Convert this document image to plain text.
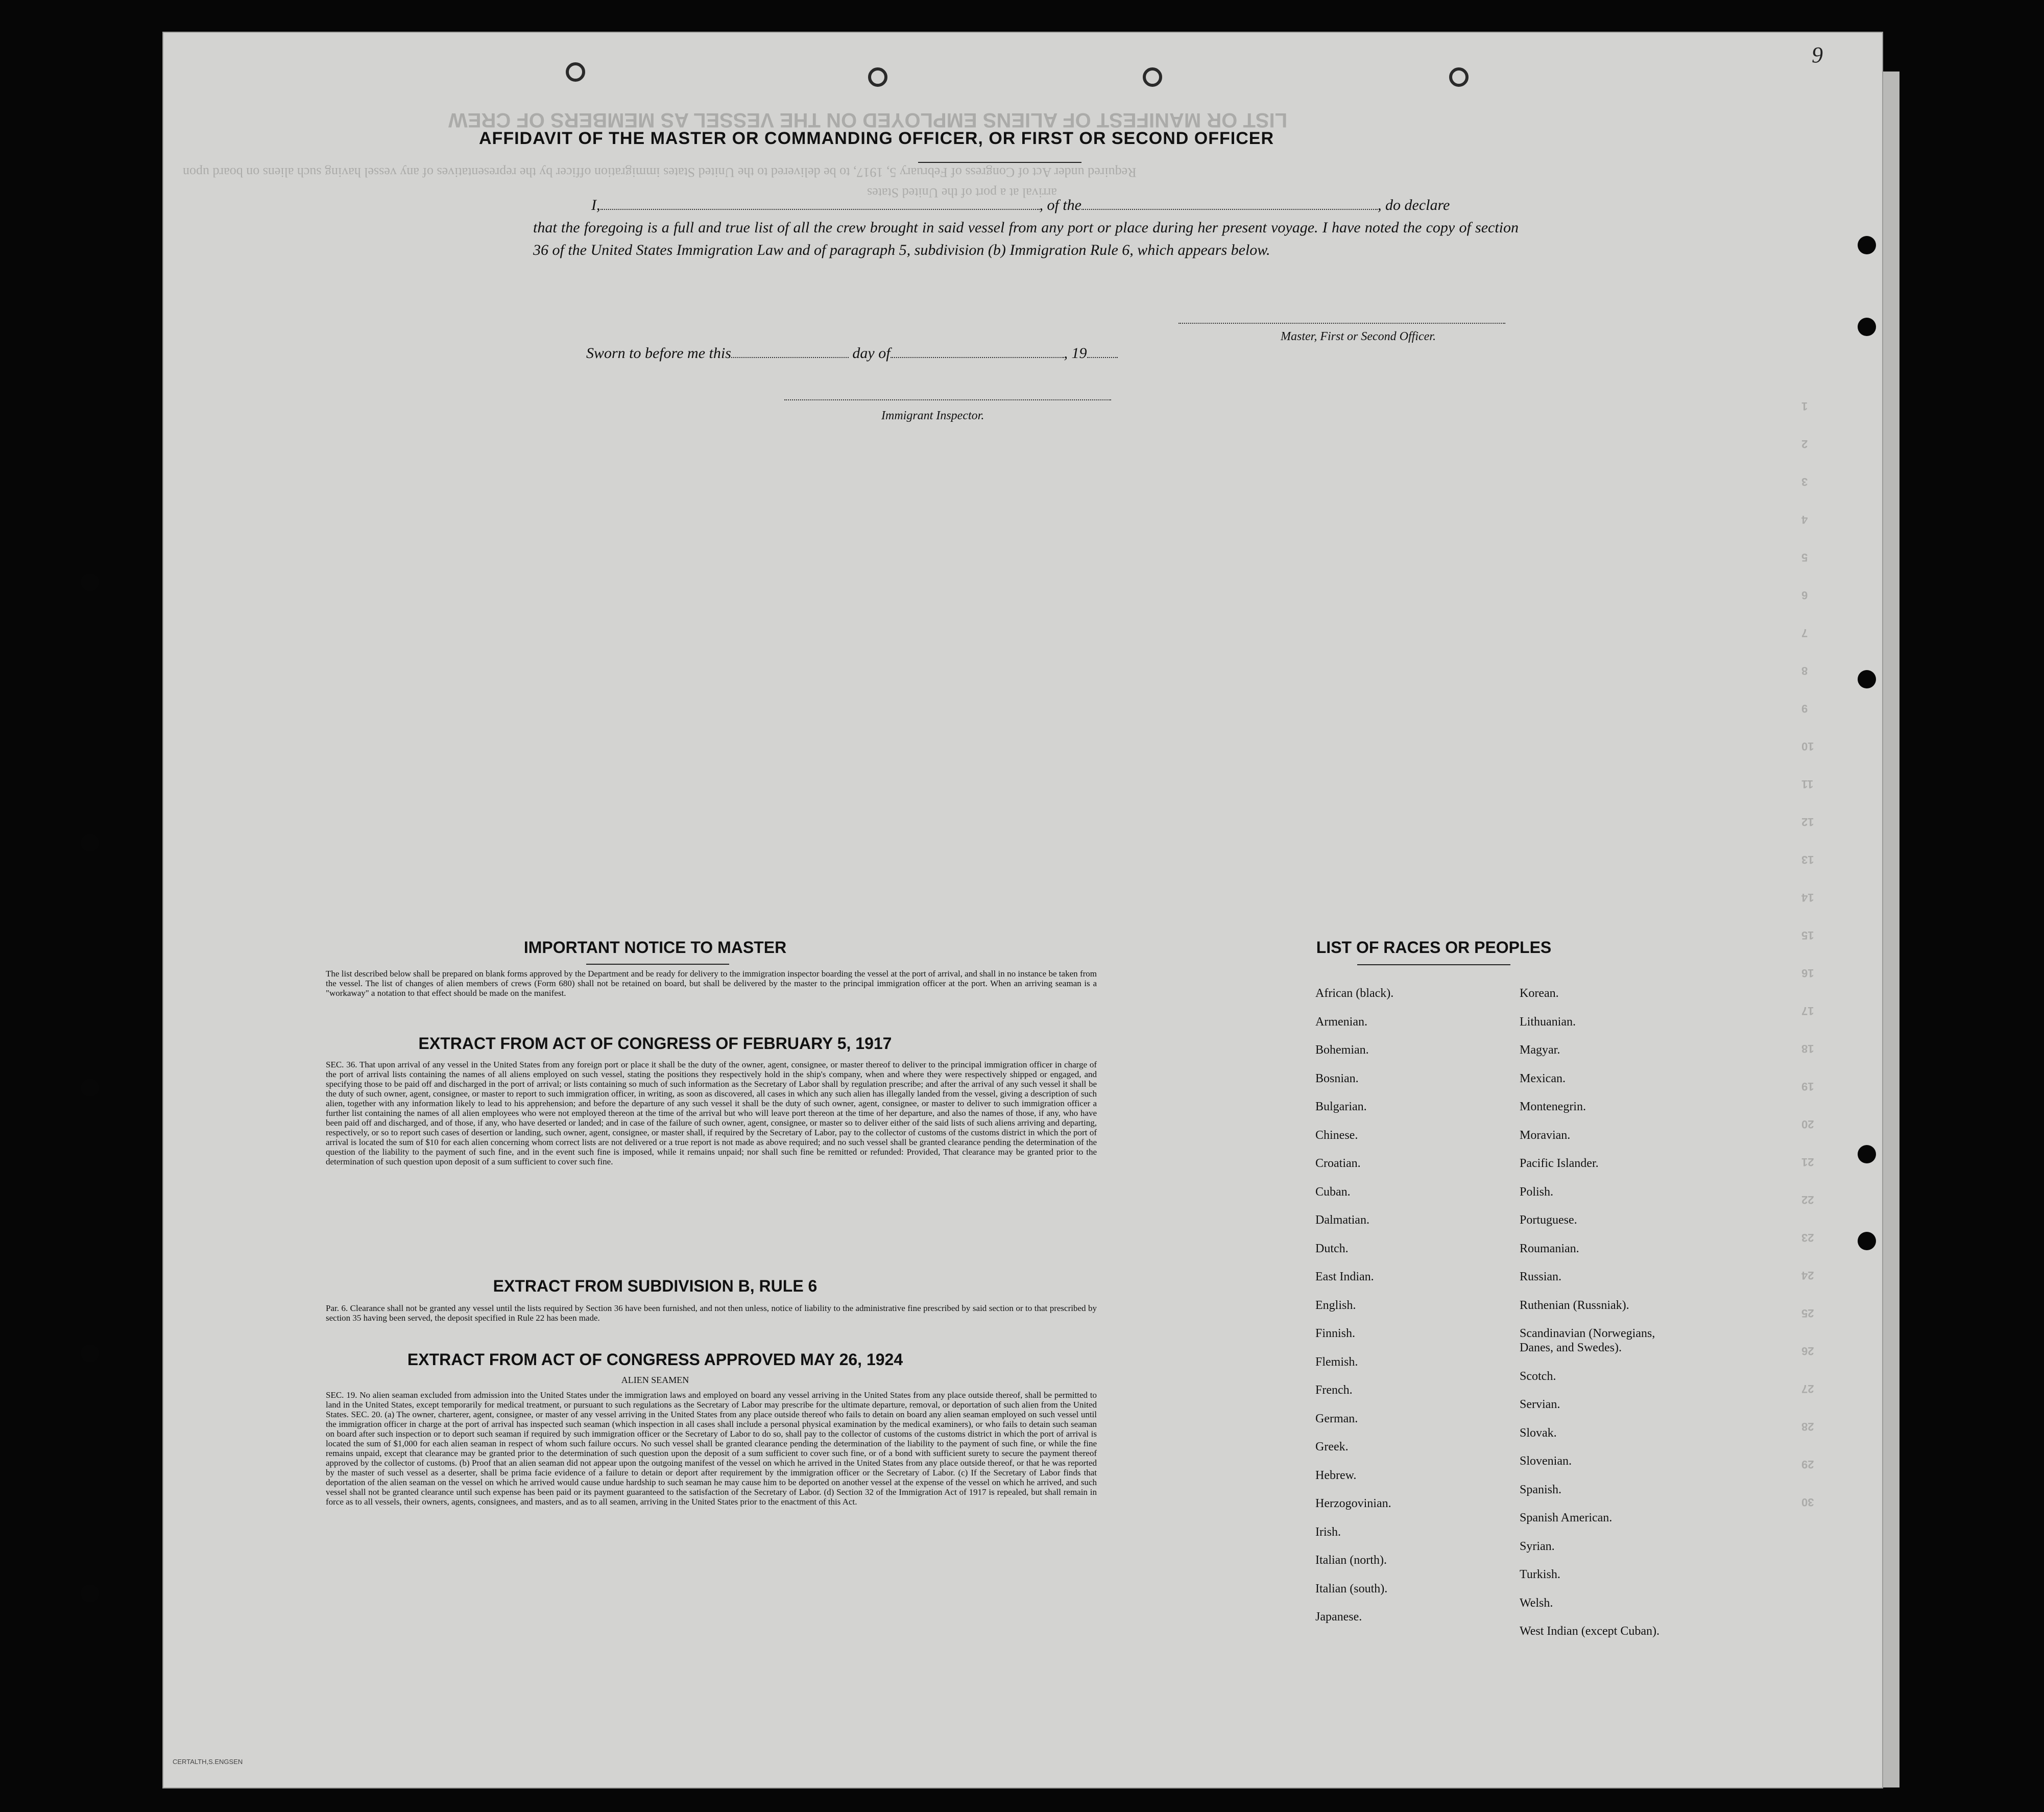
LIST OR MANIFEST OF ALIENS EMPLOYED ON THE VESSEL AS MEMBERS OF CREW
Required under Act of Congress of February 5, 1917, to be delivered to the United States immigration officer by the representatives of any vessel having such aliens on board upon
arrival at a port of the United States
1
2
3
4
5
6
7
8
9
10
11
12
13
14
15
16
17
18
19
20
21
22
23
24
25
26
27
28
29
30
9
CERTALTH,S.ENGSEN
AFFIDAVIT OF THE MASTER OR COMMANDING OFFICER, OR FIRST OR SECOND OFFICER
I,	, of the	, do declare
that the foregoing is a full and true list of all the crew brought in said vessel from any port or place during her present voyage. I have noted the copy of section 36 of the United States Immigration Law and of paragraph 5, subdivision (b) Immigration Rule 6, which appears below.
Master, First or Second Officer.
Sworn to before me this	day of	, 19
Immigrant Inspector.
IMPORTANT NOTICE TO MASTER
The list described below shall be prepared on blank forms approved by the Department and be ready for delivery to the immigration inspector boarding the vessel at the port of arrival, and shall in no instance be taken from the vessel. The list of changes of alien members of crews (Form 680) shall not be retained on board, but shall be delivered by the master to the principal immigration officer at the port. When an arriving seaman is a "workaway" a notation to that effect should be made on the manifest.
EXTRACT FROM ACT OF CONGRESS OF FEBRUARY 5, 1917
SEC. 36. That upon arrival of any vessel in the United States from any foreign port or place it shall be the duty of the owner, agent, consignee, or master thereof to deliver to the principal immigration officer in charge of the port of arrival lists containing the names of all aliens employed on such vessel, stating the positions they respectively hold in the ship's company, when and where they were respectively shipped or engaged, and specifying those to be paid off and discharged in the port of arrival; or lists containing so much of such information as the Secretary of Labor shall by regulation prescribe; and after the arrival of any such vessel it shall be the duty of such owner, agent, consignee, or master to report to such immigration officer, in writing, as soon as discovered, all cases in which any such alien has illegally landed from the vessel, giving a description of such alien, together with any information likely to lead to his apprehension; and before the departure of any such vessel it shall be the duty of such owner, agent, consignee, or master to deliver to such immigration officer a further list containing the names of all alien employees who were not employed thereon at the time of the arrival but who will leave port thereon at the time of her departure, and also the names of those, if any, who have been paid off and discharged, and of those, if any, who have deserted or landed; and in case of the failure of such owner, agent, consignee, or master so to deliver either of the said lists of such aliens arriving and departing, respectively, or so to report such cases of desertion or landing, such owner, agent, consignee, or master shall, if required by the Secretary of Labor, pay to the collector of customs of the customs district in which the port of arrival is located the sum of $10 for each alien concerning whom correct lists are not delivered or a true report is not made as above required; and no such vessel shall be granted clearance pending the determination of the question of the liability to the payment of such fine, and in the event such fine is imposed, while it remains unpaid; nor shall such fine be remitted or refunded: Provided, That clearance may be granted prior to the determination of such question upon deposit of a sum sufficient to cover such fine.
EXTRACT FROM SUBDIVISION B, RULE 6
Par. 6. Clearance shall not be granted any vessel until the lists required by Section 36 have been furnished, and not then unless, notice of liability to the administrative fine prescribed by said section or to that prescribed by section 35 having been served, the deposit specified in Rule 22 has been made.
EXTRACT FROM ACT OF CONGRESS APPROVED MAY 26, 1924
ALIEN SEAMEN
SEC. 19. No alien seaman excluded from admission into the United States under the immigration laws and employed on board any vessel arriving in the United States from any place outside thereof, shall be permitted to land in the United States, except temporarily for medical treatment, or pursuant to such regulations as the Secretary of Labor may prescribe for the ultimate departure, removal, or deportation of such alien from the United States. SEC. 20. (a) The owner, charterer, agent, consignee, or master of any vessel arriving in the United States from any place outside thereof who fails to detain on board any alien seaman employed on such vessel until the immigration officer in charge at the port of arrival has inspected such seaman (which inspection in all cases shall include a personal physical examination by the medical examiners), or who fails to detain such seaman on board after such inspection or to deport such seaman if required by such immigration officer or the Secretary of Labor to do so, shall pay to the collector of customs of the customs district in which the port of arrival is located the sum of $1,000 for each alien seaman in respect of whom such failure occurs. No such vessel shall be granted clearance pending the determination of the liability to the payment of such fine, or while the fine remains unpaid, except that clearance may be granted prior to the determination of such question upon the deposit of a sum sufficient to cover such fine, or of a bond with sufficient surety to secure the payment thereof approved by the collector of customs. (b) Proof that an alien seaman did not appear upon the outgoing manifest of the vessel on which he arrived in the United States from any place outside thereof, or that he was reported by the master of such vessel as a deserter, shall be prima facie evidence of a failure to detain or deport after requirement by the immigration officer or the Secretary of Labor. (c) If the Secretary of Labor finds that deportation of the alien seaman on the vessel on which he arrived would cause undue hardship to such seaman he may cause him to be deported on another vessel at the expense of the vessel on which he arrived, and such vessel shall not be granted clearance until such expense has been paid or its payment guaranteed to the satisfaction of the Secretary of Labor. (d) Section 32 of the Immigration Act of 1917 is repealed, but shall remain in force as to all vessels, their owners, agents, consignees, and masters, and as to all seamen, arriving in the United States prior to the enactment of this Act.
LIST OF RACES OR PEOPLES
African (black).
Armenian.
Bohemian.
Bosnian.
Bulgarian.
Chinese.
Croatian.
Cuban.
Dalmatian.
Dutch.
East Indian.
English.
Finnish.
Flemish.
French.
German.
Greek.
Hebrew.
Herzogovinian.
Irish.
Italian (north).
Italian (south).
Japanese.
Korean.
Lithuanian.
Magyar.
Mexican.
Montenegrin.
Moravian.
Pacific Islander.
Polish.
Portuguese.
Roumanian.
Russian.
Ruthenian (Russniak).
Scandinavian (Norwegians,
Danes, and Swedes).
Scotch.
Servian.
Slovak.
Slovenian.
Spanish.
Spanish American.
Syrian.
Turkish.
Welsh.
West Indian (except Cuban).
